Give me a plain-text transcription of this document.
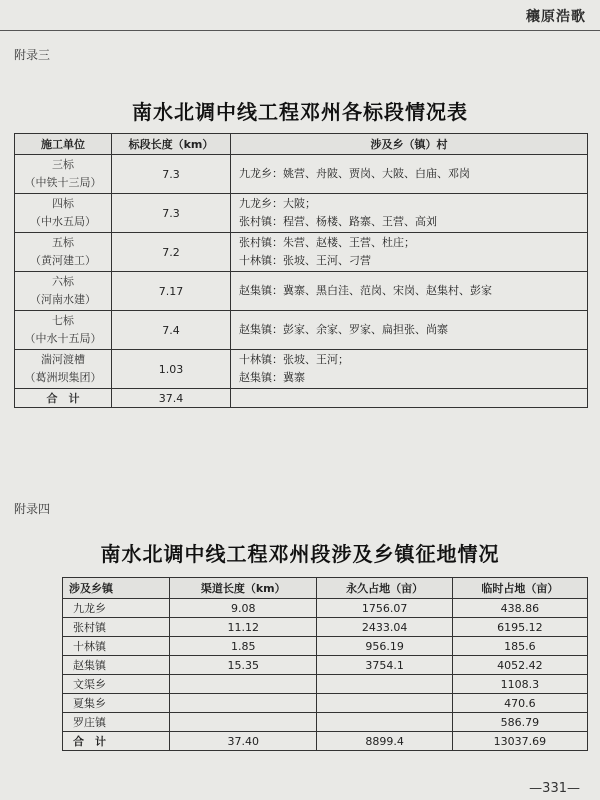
穰原浩歌
附录三
南水北调中线工程邓州各标段情况表
施工单位	标段长度（km）	涉及乡（镇）村

三标
（中铁十三局）	7.3	九龙乡：姚营、舟陂、贾岗、大陂、白庙、邓岗

四标
（中水五局）	7.3	九龙乡：大陂；
张村镇：程营、杨楼、路寨、王营、高刘

五标
（黄河建工）	7.2	张村镇：朱营、赵楼、王营、杜庄；
十林镇：张坡、王河、刁营

六标
（河南水建）	7.17	赵集镇：冀寨、黑白洼、范岗、宋岗、赵集村、彭家

七标
（中水十五局）	7.4	赵集镇：彭家、余家、罗家、扁担张、尚寨

湍河渡槽
（葛洲坝集团）	1.03	十林镇：张坡、王河；
赵集镇：冀寨

合　计	37.4	
附录四
南水北调中线工程邓州段涉及乡镇征地情况
涉及乡镇	渠道长度（km）	永久占地（亩）	临时占地（亩）
九龙乡	9.08	1756.07	438.86
张村镇	11.12	2433.04	6195.12
十林镇	1.85	956.19	185.6
赵集镇	15.35	3754.1	4052.42
文渠乡			1108.3
夏集乡			470.6
罗庄镇			586.79
合　计	37.40	8899.4	13037.69
—331—
